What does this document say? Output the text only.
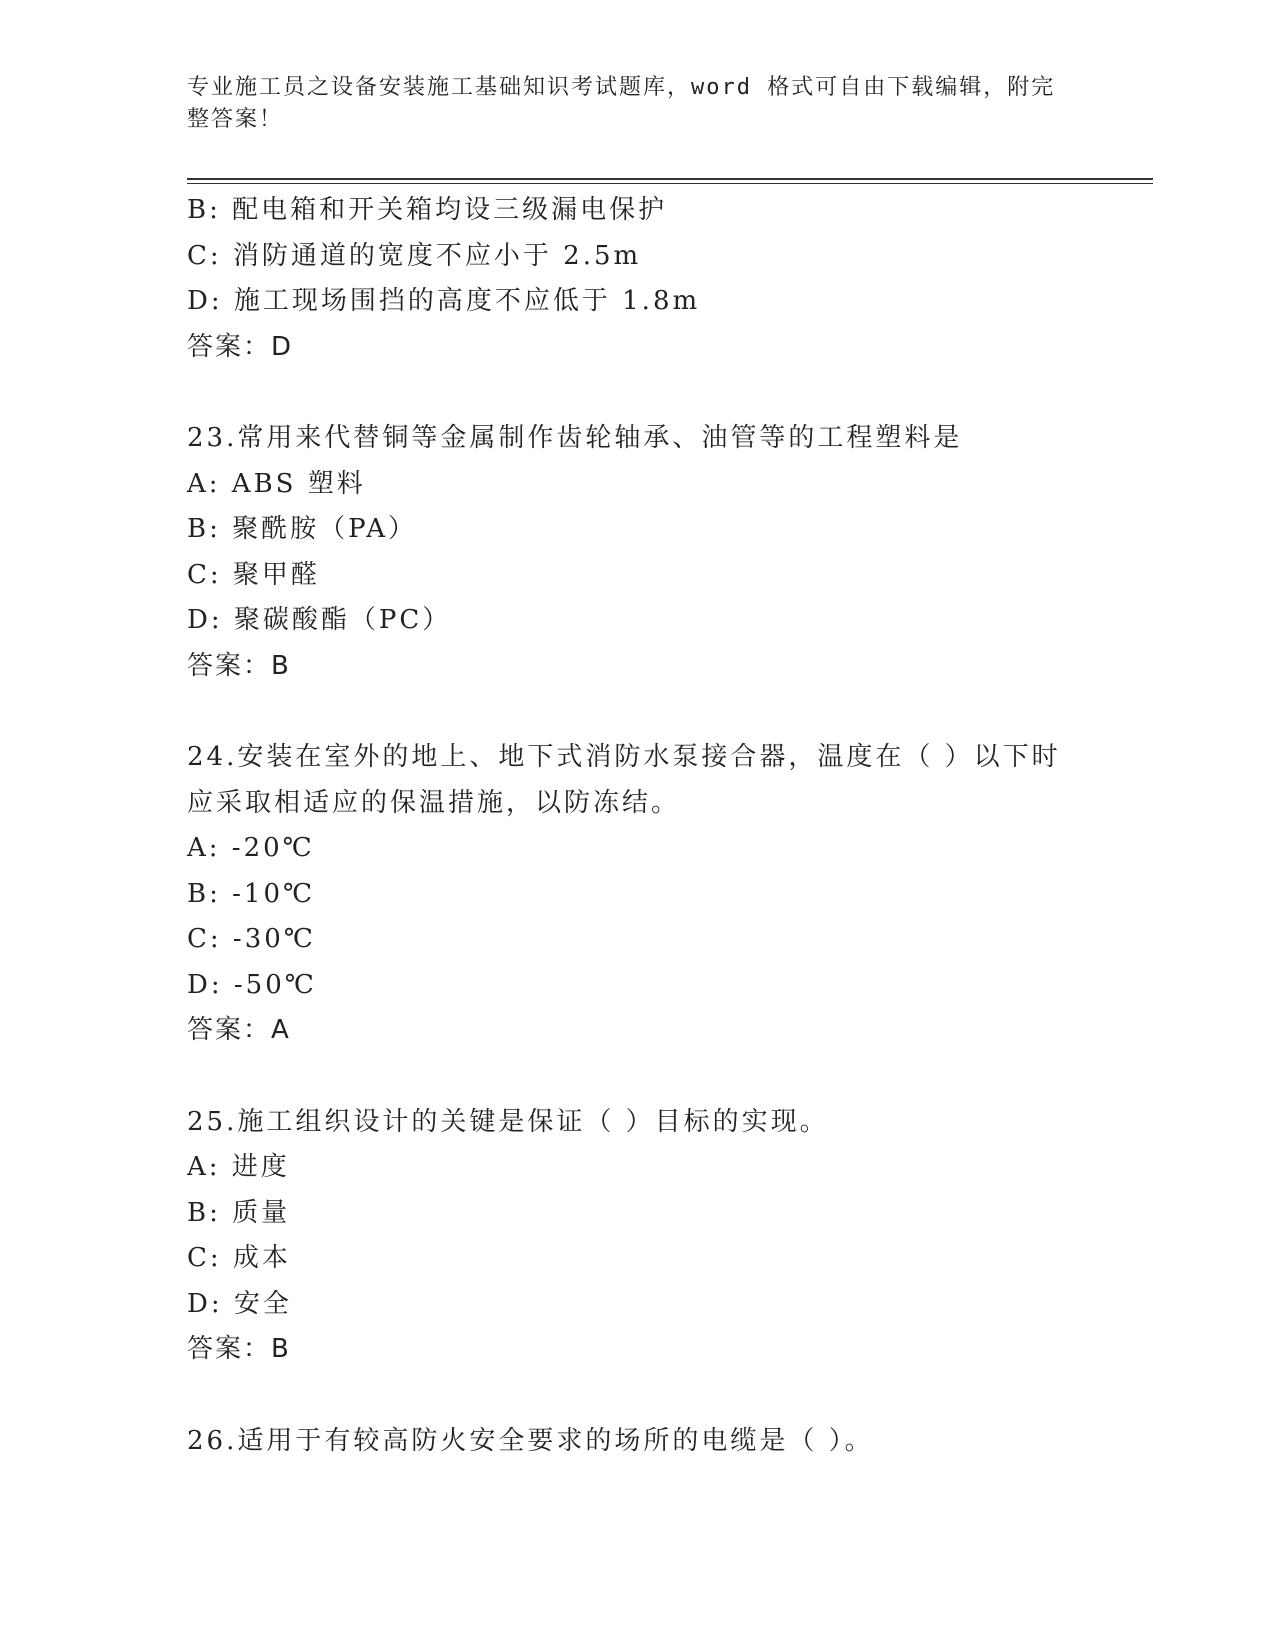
专业施工员之设备安装施工基础知识考试题库，word 格式可自由下载编辑，附完整答案！
B: 配电箱和开关箱均设三级漏电保护
C: 消防通道的宽度不应小于 2.5m
D: 施工现场围挡的高度不应低于 1.8m
答案：D
23.常用来代替铜等金属制作齿轮轴承、油管等的工程塑料是
A: ABS 塑料
B: 聚酰胺（PA）
C: 聚甲醛
D: 聚碳酸酯（PC）
答案：B
24.安装在室外的地上、地下式消防水泵接合器，温度在（ ）以下时应采取相适应的保温措施，以防冻结。
A: -20℃
B: -10℃
C: -30℃
D: -50℃
答案：A
25.施工组织设计的关键是保证（ ）目标的实现。
A: 进度
B: 质量
C: 成本
D: 安全
答案：B
26.适用于有较高防火安全要求的场所的电缆是（ ）。
